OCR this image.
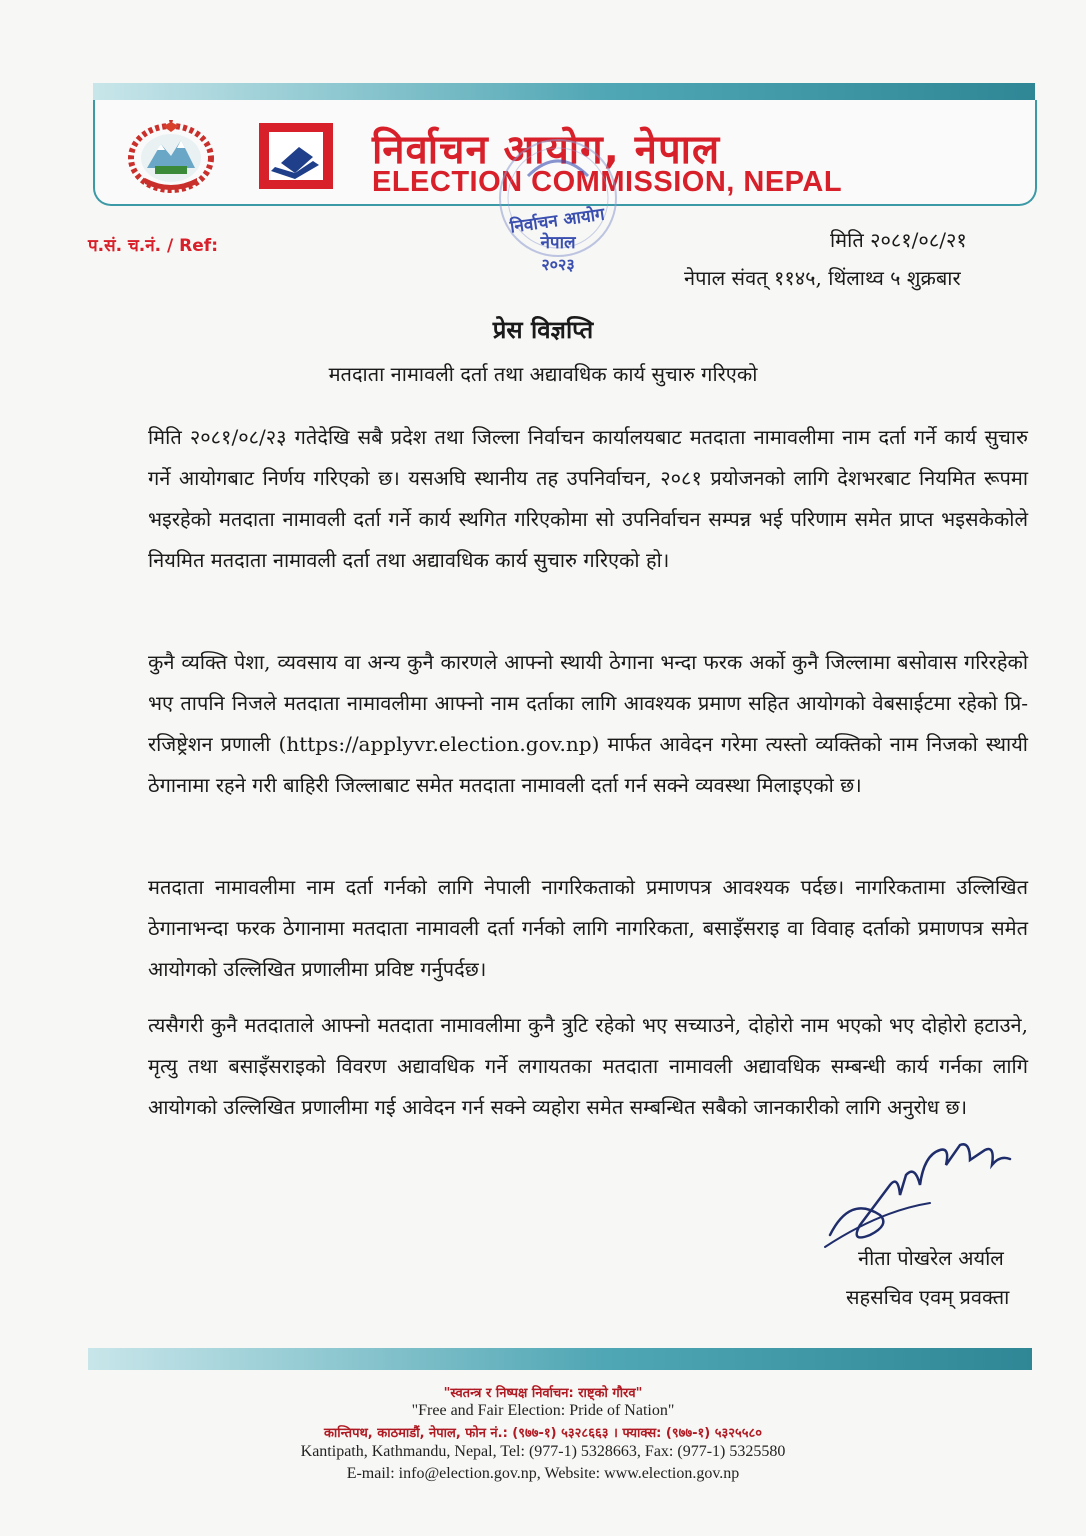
निर्वाचन आयोग, नेपाल
ELECTION COMMISSION, NEPAL
निर्वाचन आयोग
नेपाल
२०२३
प.सं. च.नं. / Ref:	मिति २०८१/०८/२१
नेपाल संवत् ११४५, थिंलाथ्व ५ शुक्रबार
प्रेस विज्ञप्ति
मतदाता नामावली दर्ता तथा अद्यावधिक कार्य सुचारु गरिएको

मिति २०८१/०८/२३ गतेदेखि सबै प्रदेश तथा जिल्ला निर्वाचन कार्यालयबाट मतदाता नामावलीमा नाम दर्ता गर्ने कार्य सुचारु गर्ने आयोगबाट निर्णय गरिएको छ। यसअघि स्थानीय तह उपनिर्वाचन, २०८१ प्रयोजनको लागि देशभरबाट नियमित रूपमा भइरहेको मतदाता नामावली दर्ता गर्ने कार्य स्थगित गरिएकोमा सो उपनिर्वाचन सम्पन्न भई परिणाम समेत प्राप्त भइसकेकोले नियमित मतदाता नामावली दर्ता तथा अद्यावधिक कार्य सुचारु गरिएको हो।

कुनै व्यक्ति पेशा, व्यवसाय वा अन्य कुनै कारणले आफ्नो स्थायी ठेगाना भन्दा फरक अर्को कुनै जिल्लामा बसोवास गरिरहेको भए तापनि निजले मतदाता नामावलीमा आफ्नो नाम दर्ताका लागि आवश्यक प्रमाण सहित आयोगको वेबसाईटमा रहेको प्रि-रजिष्ट्रेशन प्रणाली (https://applyvr.election.gov.np) मार्फत आवेदन गरेमा त्यस्तो व्यक्तिको नाम निजको स्थायी ठेगानामा रहने गरी बाहिरी जिल्लाबाट समेत मतदाता नामावली दर्ता गर्न सक्ने व्यवस्था मिलाइएको छ।

मतदाता नामावलीमा नाम दर्ता गर्नको लागि नेपाली नागरिकताको प्रमाणपत्र आवश्यक पर्दछ। नागरिकतामा उल्लिखित ठेगानाभन्दा फरक ठेगानामा मतदाता नामावली दर्ता गर्नको लागि नागरिकता, बसाइँसराइ वा विवाह दर्ताको प्रमाणपत्र समेत आयोगको उल्लिखित प्रणालीमा प्रविष्ट गर्नुपर्दछ।

त्यसैगरी कुनै मतदाताले आफ्नो मतदाता नामावलीमा कुनै त्रुटि रहेको भए सच्याउने, दोहोरो नाम भएको भए दोहोरो हटाउने, मृत्यु तथा बसाइँसराइको विवरण अद्यावधिक गर्ने लगायतका मतदाता नामावली अद्यावधिक सम्बन्धी कार्य गर्नका लागि आयोगको उल्लिखित प्रणालीमा गई आवेदन गर्न सक्ने व्यहोरा समेत सम्बन्धित सबैको जानकारीको लागि अनुरोध छ।

नीता पोखरेल अर्याल
सहसचिव एवम् प्रवक्ता
"स्वतन्त्र र निष्पक्ष निर्वाचन: राष्ट्को गौरव"
"Free and Fair Election: Pride of Nation"
कान्तिपथ, काठमाडौं, नेपाल, फोन नं.: (९७७-१) ५३२८६६३ । फ्याक्स: (९७७-१) ५३२५५८०
Kantipath, Kathmandu, Nepal, Tel: (977-1) 5328663, Fax: (977-1) 5325580
E-mail: info@election.gov.np, Website: www.election.gov.np
